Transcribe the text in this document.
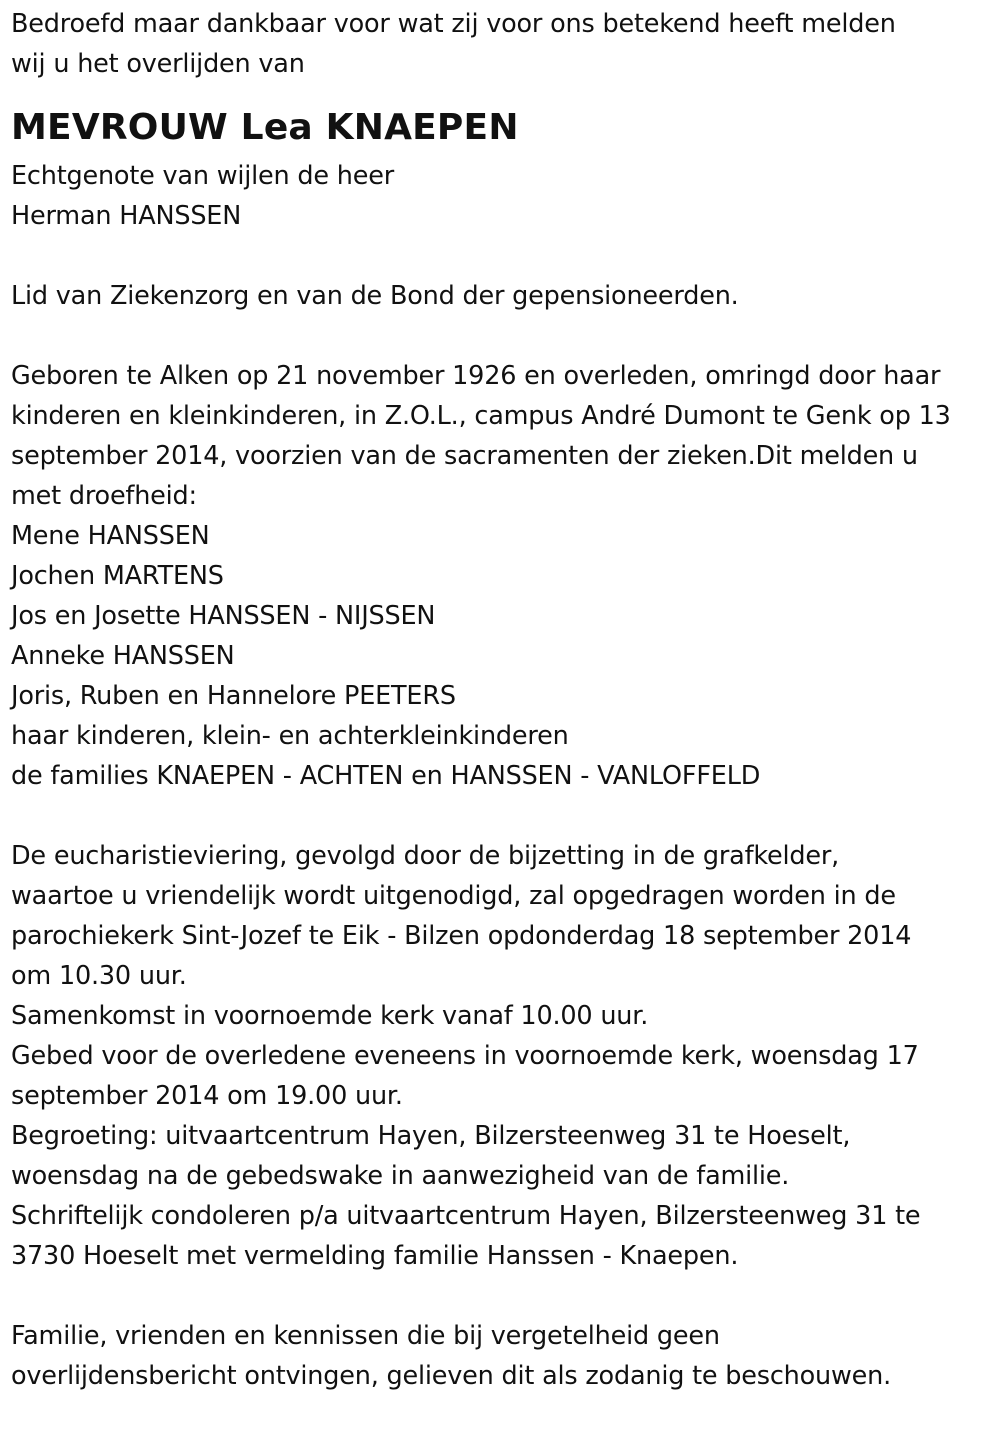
Bedroefd maar dankbaar voor wat zij voor ons betekend heeft melden
wij u het overlijden van
MEVROUW Lea KNAEPEN
Echtgenote van wijlen de heer
Herman HANSSEN
Lid van Ziekenzorg en van de Bond der gepensioneerden.
Geboren te Alken op 21 november 1926 en overleden, omringd door haar
kinderen en kleinkinderen, in Z.O.L., campus André Dumont te Genk op 13
september 2014, voorzien van de sacramenten der zieken.Dit melden u
met droefheid:
Mene HANSSEN
Jochen MARTENS
Jos en Josette HANSSEN - NIJSSEN
Anneke HANSSEN
Joris, Ruben en Hannelore PEETERS
haar kinderen, klein- en achterkleinkinderen
de families KNAEPEN - ACHTEN en HANSSEN - VANLOFFELD
De eucharistieviering, gevolgd door de bijzetting in de grafkelder,
waartoe u vriendelijk wordt uitgenodigd, zal opgedragen worden in de
parochiekerk Sint-Jozef te Eik - Bilzen opdonderdag 18 september 2014
om 10.30 uur.
Samenkomst in voornoemde kerk vanaf 10.00 uur.
Gebed voor de overledene eveneens in voornoemde kerk, woensdag 17
september 2014 om 19.00 uur.
Begroeting: uitvaartcentrum Hayen, Bilzersteenweg 31 te Hoeselt,
woensdag na de gebedswake in aanwezigheid van de familie.
Schriftelijk condoleren p/a uitvaartcentrum Hayen, Bilzersteenweg 31 te
3730 Hoeselt met vermelding familie Hanssen - Knaepen.
Familie, vrienden en kennissen die bij vergetelheid geen
overlijdensbericht ontvingen, gelieven dit als zodanig te beschouwen.
